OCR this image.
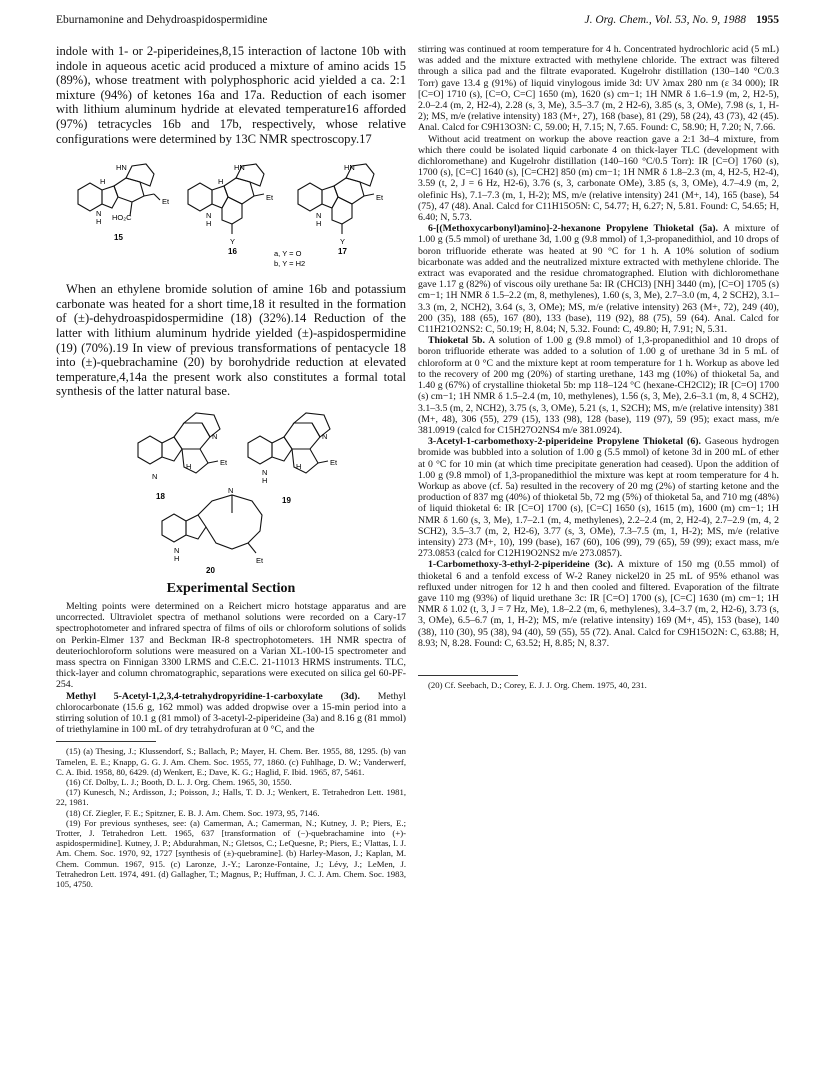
Eburnamonine and Dehydroaspidospermidine	J. Org. Chem., Vol. 53, No. 9, 1988 1955

indole with 1- or 2-piperideines,8,15 interaction of lactone 10b with indole in aqueous acetic acid produced a mixture of amino acids 15 (89%), whose treatment with polyphosphoric acid yielded a ca. 2:1 mixture (94%) of ketones 16a and 17a. Reduction of each isomer with lithium aluminum hydride at elevated temperature16 afforded (97%) tetracycles 16b and 17b, respectively, whose relative configurations were determined by 13C NMR spectroscopy.17

HN
H
Et
N
H HO₂C
HN
H
Et
N
H
Y
HN
Et
N
H
Y
15
16	17
a, Y = O
b, Y = H2

When an ethylene bromide solution of amine 16b and potassium carbonate was heated for a short time,18 it resulted in the formation of (±)-dehydroaspidospermidine (18) (32%).14 Reduction of the latter with lithium aluminum hydride yielded (±)-aspidospermidine (19) (70%).19 In view of previous transformations of pentacycle 18 into (±)-quebrachamine (20) by borohydride reduction at elevated temperature,4,14a the present work also constitutes a formal total synthesis of the latter natural base.

N
N
H	Et
N
N
H
H	Et
N
N
H	Et
18	19
20
Experimental Section

Melting points were determined on a Reichert micro hotstage apparatus and are uncorrected. Ultraviolet spectra of methanol solutions were recorded on a Cary-17 spectrophotometer and infrared spectra of films of oils or chloroform solutions of solids on Perkin-Elmer 137 and Beckman IR-8 spectrophotometers. 1H NMR spectra of deuteriochloroform solutions were measured on a Varian XL-100-15 spectrometer and mass spectra on Finnigan 3300 LRMS and C.E.C. 21-11013 HRMS instruments. TLC, thick-layer and column chromatographic, separations were executed on silica gel 60-PF-254.

Methyl 5-Acetyl-1,2,3,4-tetrahydropyridine-1-carboxylate (3d). Methyl chlorocarbonate (15.6 g, 162 mmol) was added dropwise over a 15-min period into a stirring solution of 10.1 g (81 mmol) of 3-acetyl-2-piperideine (3a) and 8.16 g (81 mmol) of triethylamine in 100 mL of dry tetrahydrofuran at 0 °C, and the

(15) (a) Thesing, J.; Klussendorf, S.; Ballach, P.; Mayer, H. Chem. Ber. 1955, 88, 1295. (b) van Tamelen, E. E.; Knapp, G. G. J. Am. Chem. Soc. 1955, 77, 1860. (c) Fuhlhage, D. W.; Vanderwerf, C. A. Ibid. 1958, 80, 6429. (d) Wenkert, E.; Dave, K. G.; Haglid, F. Ibid. 1965, 87, 5461.

(16) Cf. Dolby, L. J.; Booth, D. L. J. Org. Chem. 1965, 30, 1550.

(17) Kunesch, N.; Ardisson, J.; Poisson, J.; Halls, T. D. J.; Wenkert, E. Tetrahedron Lett. 1981, 22, 1981.

(18) Cf. Ziegler, F. E.; Spitzner, E. B. J. Am. Chem. Soc. 1973, 95, 7146.

(19) For previous syntheses, see: (a) Camerman, A.; Camerman, N.; Kutney, J. P.; Piers, E.; Trotter, J. Tetrahedron Lett. 1965, 637 [transformation of (−)-quebrachamine into (+)-aspidospermidine]. Kutney, J. P.; Abdurahman, N.; Gletsos, C.; LeQuesne, P.; Piers, E.; Vlattas, I. J. Am. Chem. Soc. 1970, 92, 1727 [synthesis of (±)-quebramine]. (b) Harley-Mason, J.; Kaplan, M. Chem. Commun. 1967, 915. (c) Laronze, J.-Y.; Laronze-Fontaine, J.; Lévy, J.; LeMen, J. Tetrahedron Lett. 1974, 491. (d) Gallagher, T.; Magnus, P.; Huffman, J. C. J. Am. Chem. Soc. 1983, 105, 4750.

stirring was continued at room temperature for 4 h. Concentrated hydrochloric acid (5 mL) was added and the mixture extracted with methylene chloride. The extract was filtered through a silica pad and the filtrate evaporated. Kugelrohr distillation (130–140 °C/0.3 Torr) gave 13.4 g (91%) of liquid vinylogous imide 3d: UV λmax 280 nm (ε 34 000); IR [C=O] 1710 (s), [C=O, C=C] 1650 (m), 1620 (s) cm−1; 1H NMR δ 1.6–1.9 (m, 2, H2-5), 2.0–2.4 (m, 2, H2-4), 2.28 (s, 3, Me), 3.5–3.7 (m, 2 H2-6), 3.85 (s, 3, OMe), 7.98 (s, 1, H-2); MS, m/e (relative intensity) 183 (M+, 27), 168 (base), 81 (29), 58 (24), 43 (73), 42 (45). Anal. Calcd for C9H13O3N: C, 59.00; H, 7.15; N, 7.65. Found: C, 58.90; H, 7.20; N, 7.66.

Without acid treatment on workup the above reaction gave a 2:1 3d–4 mixture, from which there could be isolated liquid carbonate 4 on thick-layer TLC (development with dichloromethane) and Kugelrohr distillation (140–160 °C/0.5 Torr): IR [C=O] 1760 (s), 1700 (s), [C=C] 1640 (s), [C=CH2] 850 (m) cm−1; 1H NMR δ 1.8–2.3 (m, 4, H2-5, H2-4), 3.59 (t, 2, J = 6 Hz, H2-6), 3.76 (s, 3, carbonate OMe), 3.85 (s, 3, OMe), 4.7–4.9 (m, 2, olefinic Hs), 7.1–7.3 (m, 1, H-2); MS, m/e (relative intensity) 241 (M+, 14), 165 (base), 54 (75), 47 (48). Anal. Calcd for C11H15O5N: C, 54.77; H, 6.27; N, 5.81. Found: C, 54.65; H, 6.40; N, 5.73.

6-[(Methoxycarbonyl)amino]-2-hexanone Propylene Thioketal (5a). A mixture of 1.00 g (5.5 mmol) of urethane 3d, 1.00 g (9.8 mmol) of 1,3-propanedithiol, and 10 drops of boron trifluoride etherate was heated at 90 °C for 1 h. A 10% solution of sodium bicarbonate was added and the neutralized mixture extracted with methylene chloride. The extract was evaporated and the residue chromatographed. Elution with dichloromethane gave 1.17 g (82%) of viscous oily urethane 5a: IR (CHCl3) [NH] 3440 (m), [C=O] 1705 (s) cm−1; 1H NMR δ 1.5–2.2 (m, 8, methylenes), 1.60 (s, 3, Me), 2.7–3.0 (m, 4, 2 SCH2), 3.1–3.3 (m, 2, NCH2), 3.64 (s, 3, OMe); MS, m/e (relative intensity) 263 (M+, 72), 249 (40), 200 (35), 188 (65), 167 (80), 133 (base), 119 (92), 88 (75), 59 (64). Anal. Calcd for C11H21O2NS2: C, 50.19; H, 8.04; N, 5.32. Found: C, 49.80; H, 7.91; N, 5.31.

Thioketal 5b. A solution of 1.00 g (9.8 mmol) of 1,3-propanedithiol and 10 drops of boron trifluoride etherate was added to a solution of 1.00 g of urethane 3d in 5 mL of chloroform at 0 °C and the mixture kept at room temperature for 1 h. Workup as above led to the recovery of 200 mg (20%) of starting urethane, 143 mg (10%) of thioketal 5a, and 1.40 g (67%) of crystalline thioketal 5b: mp 118–124 °C (hexane-CH2Cl2); IR [C=O] 1700 (s) cm−1; 1H NMR δ 1.5–2.4 (m, 10, methylenes), 1.56 (s, 3, Me), 2.6–3.1 (m, 8, 4 SCH2), 3.1–3.5 (m, 2, NCH2), 3.75 (s, 3, OMe), 5.21 (s, 1, S2CH); MS, m/e (relative intensity) 381 (M+, 48), 306 (55), 279 (15), 133 (98), 128 (base), 119 (97), 59 (95); exact mass, m/e 381.0919 (calcd for C15H27O2NS4 m/e 381.0924).

3-Acetyl-1-carbomethoxy-2-piperideine Propylene Thioketal (6). Gaseous hydrogen bromide was bubbled into a solution of 1.00 g (5.5 mmol) of ketone 3d in 200 mL of ether at 0 °C for 10 min (at which time precipitate generation had ceased). Upon the addition of 1.00 g (9.8 mmol) of 1,3-propanedithiol the mixture was kept at room temperature for 4 h. Workup as above (cf. 5a) resulted in the recovery of 20 mg (2%) of starting ketone and the production of 837 mg (40%) of thioketal 5b, 72 mg (5%) of thioketal 5a, and 710 mg (48%) of liquid thioketal 6: IR [C=O] 1700 (s), [C=C] 1650 (s), 1615 (m), 1600 (m) cm−1; 1H NMR δ 1.60 (s, 3, Me), 1.7–2.1 (m, 4, methylenes), 2.2–2.4 (m, 2, H2-4), 2.7–2.9 (m, 4, 2 SCH2), 3.5–3.7 (m, 2, H2-6), 3.77 (s, 3, OMe), 7.3–7.5 (m, 1, H-2); MS, m/e (relative intensity) 273 (M+, 10), 199 (base), 167 (60), 106 (99), 79 (65), 59 (99); exact mass, m/e 273.0853 (calcd for C12H19O2NS2 m/e 273.0857).

1-Carbomethoxy-3-ethyl-2-piperideine (3c). A mixture of 150 mg (0.55 mmol) of thioketal 6 and a tenfold excess of W-2 Raney nickel20 in 25 mL of 95% ethanol was refluxed under nitrogen for 12 h and then cooled and filtered. Evaporation of the filtrate gave 110 mg (93%) of liquid urethane 3c: IR [C=O] 1700 (s), [C=C] 1630 (m) cm−1; 1H NMR δ 1.02 (t, 3, J = 7 Hz, Me), 1.8–2.2 (m, 6, methylenes), 3.4–3.7 (m, 2, H2-6), 3.73 (s, 3, OMe), 6.5–6.7 (m, 1, H-2); MS, m/e (relative intensity) 169 (M+, 45), 153 (base), 140 (38), 110 (30), 95 (38), 94 (40), 59 (55), 55 (72). Anal. Calcd for C9H15O2N: C, 63.88; H, 8.93; N, 8.28. Found: C, 63.52; H, 8.85; N, 8.37.

(20) Cf. Seebach, D.; Corey, E. J. J. Org. Chem. 1975, 40, 231.
